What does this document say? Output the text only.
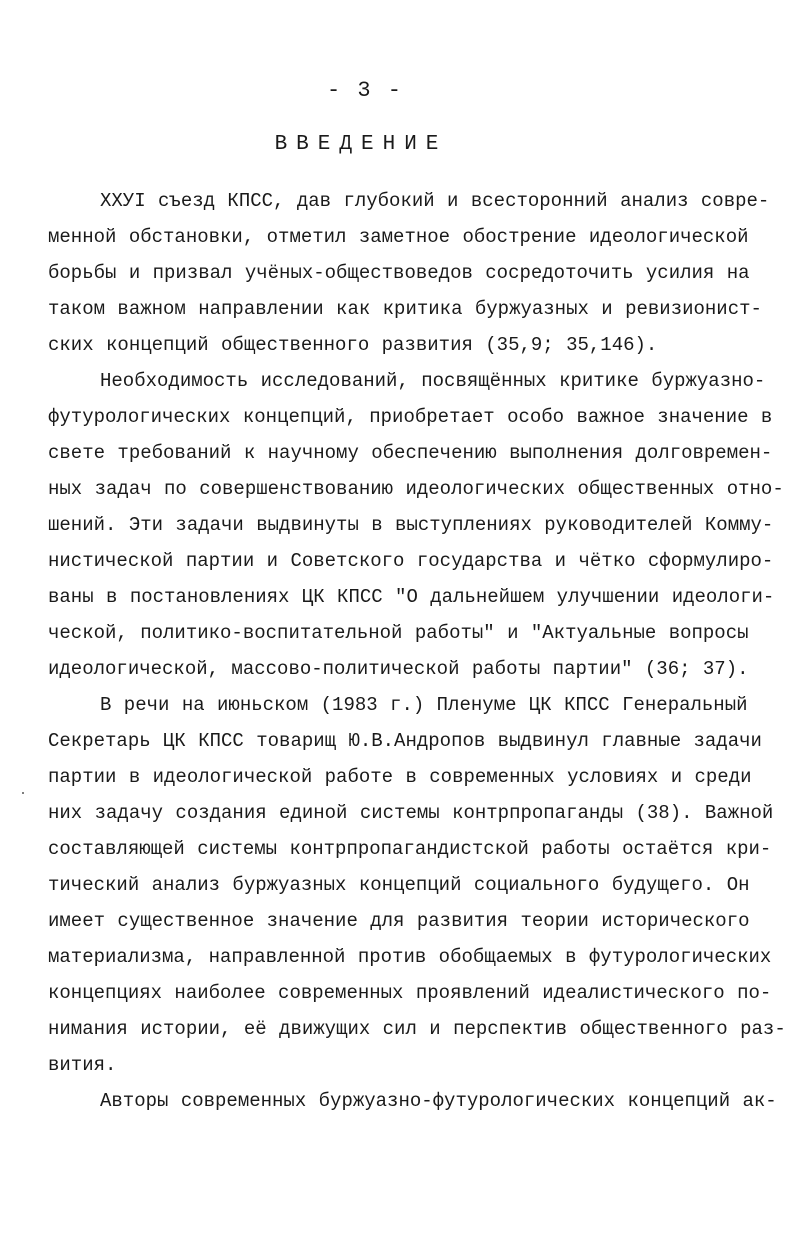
- 3 -
ВВЕДЕНИЕ
XXУI съезд КПСС, дав глубокий и всесторонний анализ совре-
менной обстановки, отметил заметное обострение идеологической
борьбы и призвал учёных-обществоведов сосредоточить усилия на
таком важном направлении как критика буржуазных и ревизионист-
ских концепций общественного развития (35,9; 35,146).
Необходимость исследований, посвящённых критике буржуазно-
футурологических концепций, приобретает особо важное значение в
свете требований к научному обеспечению выполнения долговремен-
ных задач по совершенствованию идеологических общественных отно-
шений. Эти задачи выдвинуты в выступлениях руководителей Комму-
нистической партии и Советского государства и чётко сформулиро-
ваны в постановлениях ЦК КПСС "О дальнейшем улучшении идеологи-
ческой, политико-воспитательной работы" и "Актуальные вопросы
идеологической, массово-политической работы партии" (36; 37).
В речи на июньском (1983 г.) Пленуме ЦК КПСС Генеральный
Секретарь ЦК КПСС товарищ Ю.В.Андропов выдвинул главные задачи
партии в идеологической работе в современных условиях и среди
них задачу создания единой системы контрпропаганды (38). Важной
составляющей системы контрпропагандистской работы остаётся кри-
тический анализ буржуазных концепций социального будущего. Он
имеет существенное значение для развития теории исторического
материализма, направленной против обобщаемых в футурологических
концепциях наиболее современных проявлений идеалистического по-
нимания истории, её движущих сил и перспектив общественного раз-
вития.
Авторы современных буржуазно-футурологических концепций ак-
